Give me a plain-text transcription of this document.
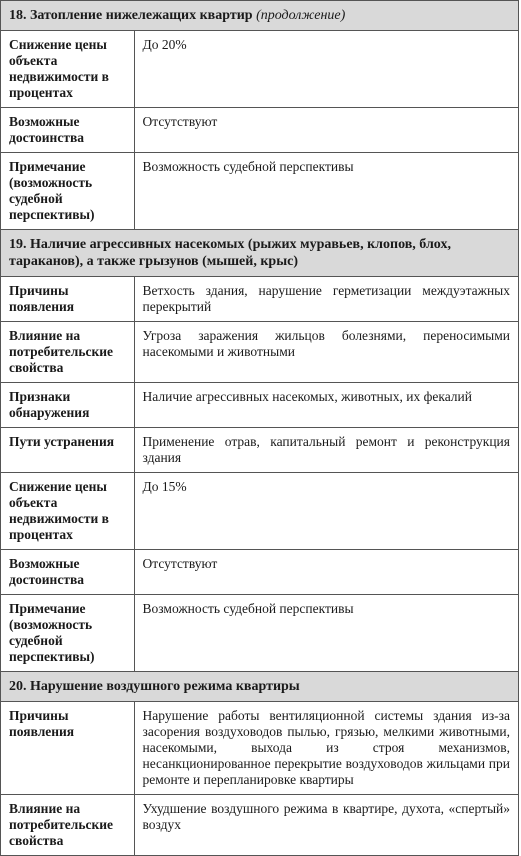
18. Затопление нижележащих квартир (продолжение)	
Снижение цены объекта недвижимости в процентах	До 20%
Возможные достоинства	Отсутствуют
Примечание (возможность судебной перспективы)	Возможность судебной перспективы
19. Наличие агрессивных насекомых (рыжих муравьев, клопов, блох, тараканов), а также грызунов (мышей, крыс)	
Причины появления	Ветхость здания, нарушение герметизации междуэтажных перекрытий
Влияние на потребительские свойства	Угроза заражения жильцов болезнями, переносимыми насекомыми и животными
Признаки обнаружения	Наличие агрессивных насекомых, животных, их фекалий
Пути устранения	Применение отрав, капитальный ремонт и реконструкция здания
Снижение цены объекта недвижимости в процентах	До 15%
Возможные достоинства	Отсутствуют
Примечание (возможность судебной перспективы)	Возможность судебной перспективы
20. Нарушение воздушного режима квартиры	
Причины появления	Нарушение работы вентиляционной системы здания из-за засорения воздуховодов пылью, грязью, мелкими животными, насекомыми, выхода из строя механизмов, несанкционированное перекрытие воздуховодов жильцами при ремонте и перепланировке квартиры
Влияние на потребительские свойства	Ухудшение воздушного режима в квартире, духота, «спертый» воздух
